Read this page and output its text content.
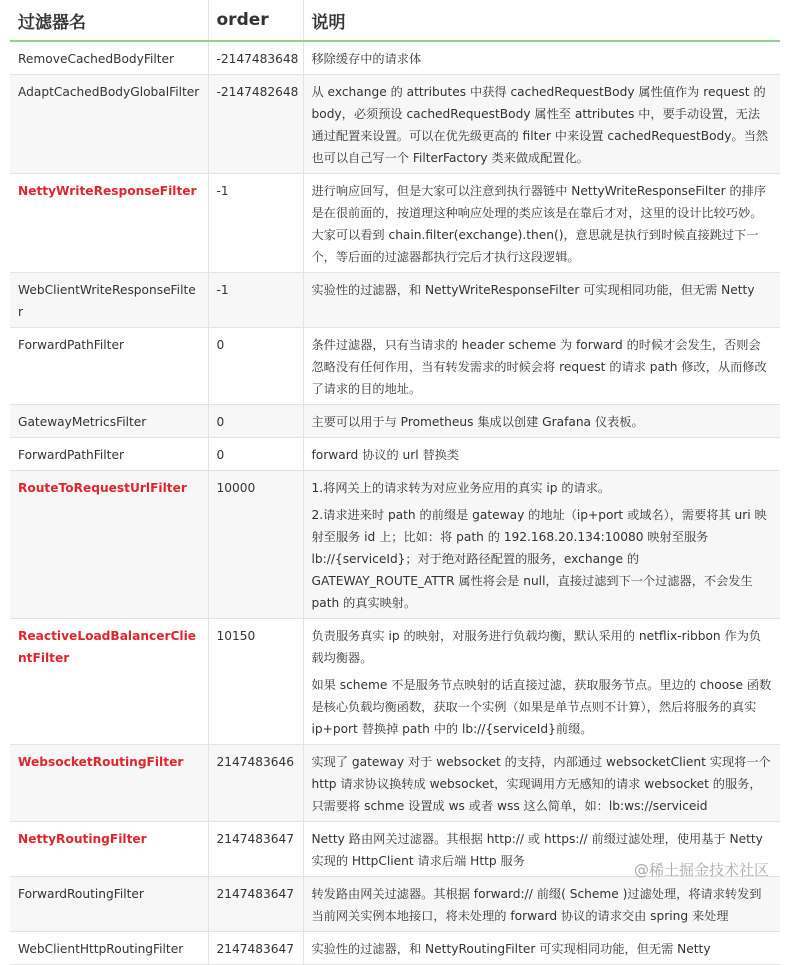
过滤器名	order	说明
RemoveCachedBodyFilter	-2147483648	移除缓存中的请求体

AdaptCachedBodyGlobalFilter	-2147482648	从 exchange 的 attributes 中获得 cachedRequestBody 属性值作为 request 的 body，必须预设 cachedRequestBody 属性至 attributes 中，要手动设置，无法通过配置来设置。可以在优先级更高的 filter 中来设置 cachedRequestBody。当然也可以自己写一个 FilterFactory 类来做成配置化。

NettyWriteResponseFilter	-1	进行响应回写，但是大家可以注意到执行器链中 NettyWriteResponseFilter 的排序是在很前面的，按道理这种响应处理的类应该是在靠后才对，这里的设计比较巧妙。大家可以看到 chain.filter(exchange).then()，意思就是执行到时候直接跳过下一个，等后面的过滤器都执行完后才执行这段逻辑。

WebClientWriteResponseFilter	-1	实验性的过滤器，和 NettyWriteResponseFilter 可实现相同功能，但无需 Netty

ForwardPathFilter	0	条件过滤器，只有当请求的 header scheme 为 forward 的时候才会发生，否则会忽略没有任何作用，当有转发需求的时候会将 request 的请求 path 修改，从而修改了请求的目的地址。

GatewayMetricsFilter	0	主要可以用于与 Prometheus 集成以创建 Grafana 仪表板。

ForwardPathFilter	0	forward 协议的 url 替换类

RouteToRequestUrlFilter	10000	1.将网关上的请求转为对应业务应用的真实 ip 的请求。

2.请求进来时 path 的前缀是 gateway 的地址（ip+port 或域名），需要将其 uri 映射至服务 id 上；比如：将 path 的 192.168.20.134:10080 映射至服务 lb://{serviceId}；对于绝对路径配置的服务，exchange 的 GATEWAY_ROUTE_ATTR 属性将会是 null，直接过滤到下一个过滤器，不会发生 path 的真实映射。

ReactiveLoadBalancerClientFilter	10150	负责服务真实 ip 的映射，对服务进行负载均衡，默认采用的 netflix-ribbon 作为负载均衡器。

如果 scheme 不是服务节点映射的话直接过滤，获取服务节点。里边的 choose 函数是核心负载均衡函数，获取一个实例（如果是单节点则不计算），然后将服务的真实 ip+port 替换掉 path 中的 lb://{serviceId}前缀。

WebsocketRoutingFilter	2147483646	实现了 gateway 对于 websocket 的支持，内部通过 websocketClient 实现将一个 http 请求协议换转成 websocket，实现调用方无感知的请求 websocket 的服务，只需要将 schme 设置成 ws 或者 wss 这么简单，如：lb:ws://serviceid

NettyRoutingFilter	2147483647	Netty 路由网关过滤器。其根据 http:// 或 https:// 前缀过滤处理，使用基于 Netty 实现的 HttpClient 请求后端 Http 服务

ForwardRoutingFilter	2147483647	转发路由网关过滤器。其根据 forward:// 前缀( Scheme )过滤处理，将请求转发到当前网关实例本地接口，将未处理的 forward 协议的请求交由 spring 来处理

WebClientHttpRoutingFilter	2147483647	实验性的过滤器，和 NettyRoutingFilter 可实现相同功能，但无需 Netty

@稀土掘金技术社区
